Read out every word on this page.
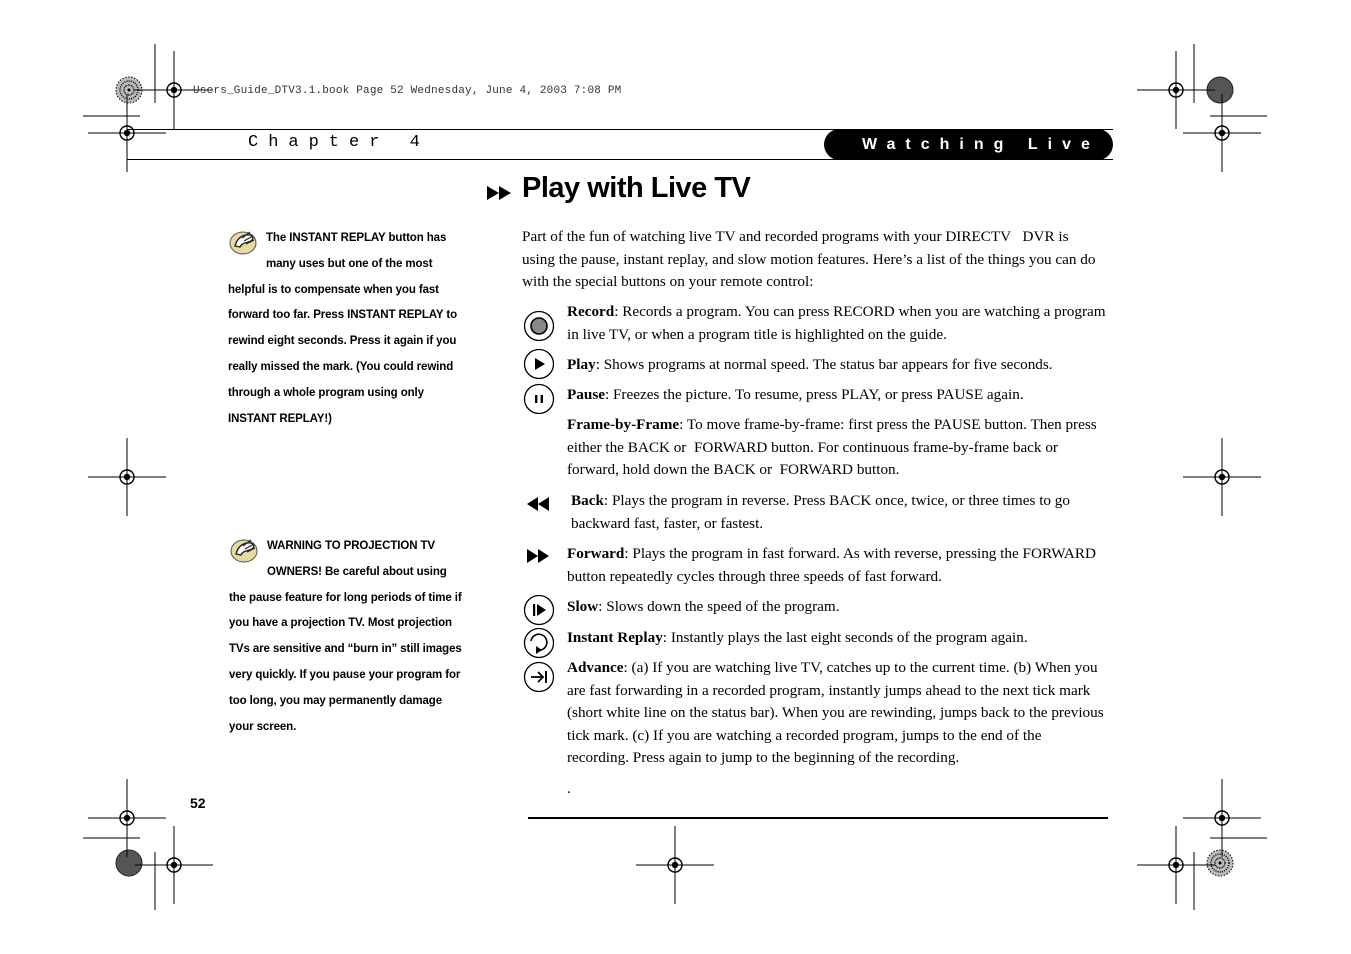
Users_Guide_DTV3.1.book Page 52 Wednesday, June 4, 2003 7:08 PM
Chapter 4	Watching Live TV
Play with Live TV
The INSTANT REPLAY button has many uses but one of the most helpful is to compensate when you fast forward too far. Press INSTANT REPLAY to rewind eight seconds. Press it again if you really missed the mark. (You could rewind through a whole program using only INSTANT REPLAY!)
WARNING TO PROJECTION TV OWNERS! Be careful about using the pause feature for long periods of time if you have a projection TV. Most projection TVs are sensitive and “burn in” still images very quickly. If you pause your program for too long, you may permanently damage your screen.
Part of the fun of watching live TV and recorded programs with your DIRECTV   DVR is using the pause, instant replay, and slow motion features. Here’s a list of the things you can do with the special buttons on your remote control:
Record: Records a program. You can press RECORD when you are watching a program in live TV, or when a program title is highlighted on the guide.
Play: Shows programs at normal speed. The status bar appears for five seconds.
Pause: Freezes the picture. To resume, press PLAY, or press PAUSE again.
Frame-by-Frame: To move frame-by-frame: first press the PAUSE button. Then press either the BACK or  FORWARD button. For continuous frame-by-frame back or forward, hold down the BACK or  FORWARD button.
Back: Plays the program in reverse. Press BACK once, twice, or three times to go backward fast, faster, or fastest.
Forward: Plays the program in fast forward. As with reverse, pressing the FORWARD button repeatedly cycles through three speeds of fast forward.
Slow: Slows down the speed of the program.
Instant Replay: Instantly plays the last eight seconds of the program again.
Advance: (a) If you are watching live TV, catches up to the current time. (b) When you are fast forwarding in a recorded program, instantly jumps ahead to the next tick mark (short white line on the status bar). When you are rewinding, jumps back to the previous tick mark. (c) If you are watching a recorded program, jumps to the end of the recording. Press again to jump to the beginning of the recording.
.
52
